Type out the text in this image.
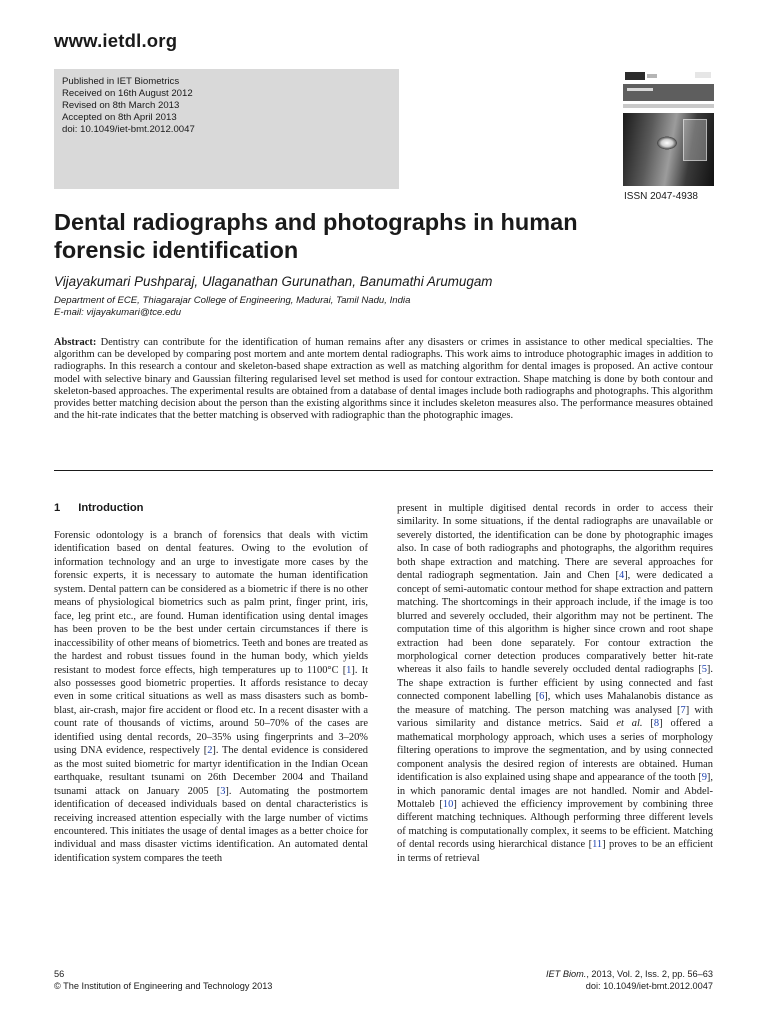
www.ietdl.org
Published in IET Biometrics
Received on 16th August 2012
Revised on 8th March 2013
Accepted on 8th April 2013
doi: 10.1049/iet-bmt.2012.0047
ISSN 2047-4938
Dental radiographs and photographs in human
forensic identification
Vijayakumari Pushparaj, Ulaganathan Gurunathan, Banumathi Arumugam
Department of ECE, Thiagarajar College of Engineering, Madurai, Tamil Nadu, India
E-mail: vijayakumari@tce.edu
Abstract: Dentistry can contribute for the identification of human remains after any disasters or crimes in assistance to other medical specialties. The algorithm can be developed by comparing post mortem and ante mortem dental radiographs. This work aims to introduce photographic images in addition to radiographs. In this research a contour and skeleton-based shape extraction as well as matching algorithm for dental images is proposed. An active contour model with selective binary and Gaussian filtering regularised level set method is used for contour extraction. Shape matching is done by both contour and skeleton-based approaches. The experimental results are obtained from a database of dental images include both radiographs and photographs. This algorithm provides better matching decision about the person than the existing algorithms since it includes skeleton measures also. The performance measures obtained and the hit-rate indicates that the better matching is observed with radiographic than the photographic images.
1 Introduction
Forensic odontology is a branch of forensics that deals with victim identification based on dental features. Owing to the evolution of information technology and an urge to investigate more cases by the forensic experts, it is necessary to automate the human identification system. Dental pattern can be considered as a biometric if there is no other means of physiological biometrics such as palm print, finger print, iris, face, leg print etc., are found. Human identification using dental images has been proven to be the best under certain circumstances if there is inaccessibility of other means of biometrics. Teeth and bones are treated as the hardest and robust tissues found in the human body, which yields resistant to modest force effects, high temperatures up to 1100°C [1]. It also possesses good biometric properties. It affords resistance to decay even in some critical situations as well as mass disasters such as bomb-blast, air-crash, major fire accident or flood etc. In a recent disaster with a count rate of thousands of victims, around 50–70% of the cases are identified using dental records, 20–35% using fingerprints and 3–20% using DNA evidence, respectively [2]. The dental evidence is considered as the most suited biometric for martyr identification in the Indian Ocean earthquake, resultant tsunami on 26th December 2004 and Thailand tsunami attack on January 2005 [3]. Automating the postmortem identification of deceased individuals based on dental characteristics is receiving increased attention especially with the large number of victims encountered. This initiates the usage of dental images as a better choice for individual and mass disaster victims identification. An automated dental identification system compares the teeth
present in multiple digitised dental records in order to access their similarity. In some situations, if the dental radiographs are unavailable or severely distorted, the identification can be done by photographic images also. In case of both radiographs and photographs, the algorithm requires both shape extraction and matching. There are several approaches for dental radiograph segmentation. Jain and Chen [4], were dedicated a concept of semi-automatic contour method for shape extraction and pattern matching. The shortcomings in their approach include, if the image is too blurred and severely occluded, their algorithm may not be pertinent. The computation time of this algorithm is higher since crown and root shape extraction had been done separately. For contour extraction the morphological corner detection produces comparatively better hit-rate whereas it also fails to handle severely occluded dental radiographs [5]. The shape extraction is further efficient by using connected and fast connected component labelling [6], which uses Mahalanobis distance as the measure of matching. The person matching was analysed [7] with various similarity and distance metrics. Said et al. [8] offered a mathematical morphology approach, which uses a series of morphology filtering operations to improve the segmentation, and by using connected component analysis the desired region of interests are obtained. Human identification is also explained using shape and appearance of the tooth [9], in which panoramic dental images are not handled. Nomir and Abdel-Mottaleb [10] achieved the efficiency improvement by combining three different matching techniques. Although performing three different levels of matching is computationally complex, it seems to be efficient. Matching of dental records using hierarchical distance [11] proves to be an efficient in terms of retrieval
56
© The Institution of Engineering and Technology 2013
IET Biom., 2013, Vol. 2, Iss. 2, pp. 56–63
doi: 10.1049/iet-bmt.2012.0047
